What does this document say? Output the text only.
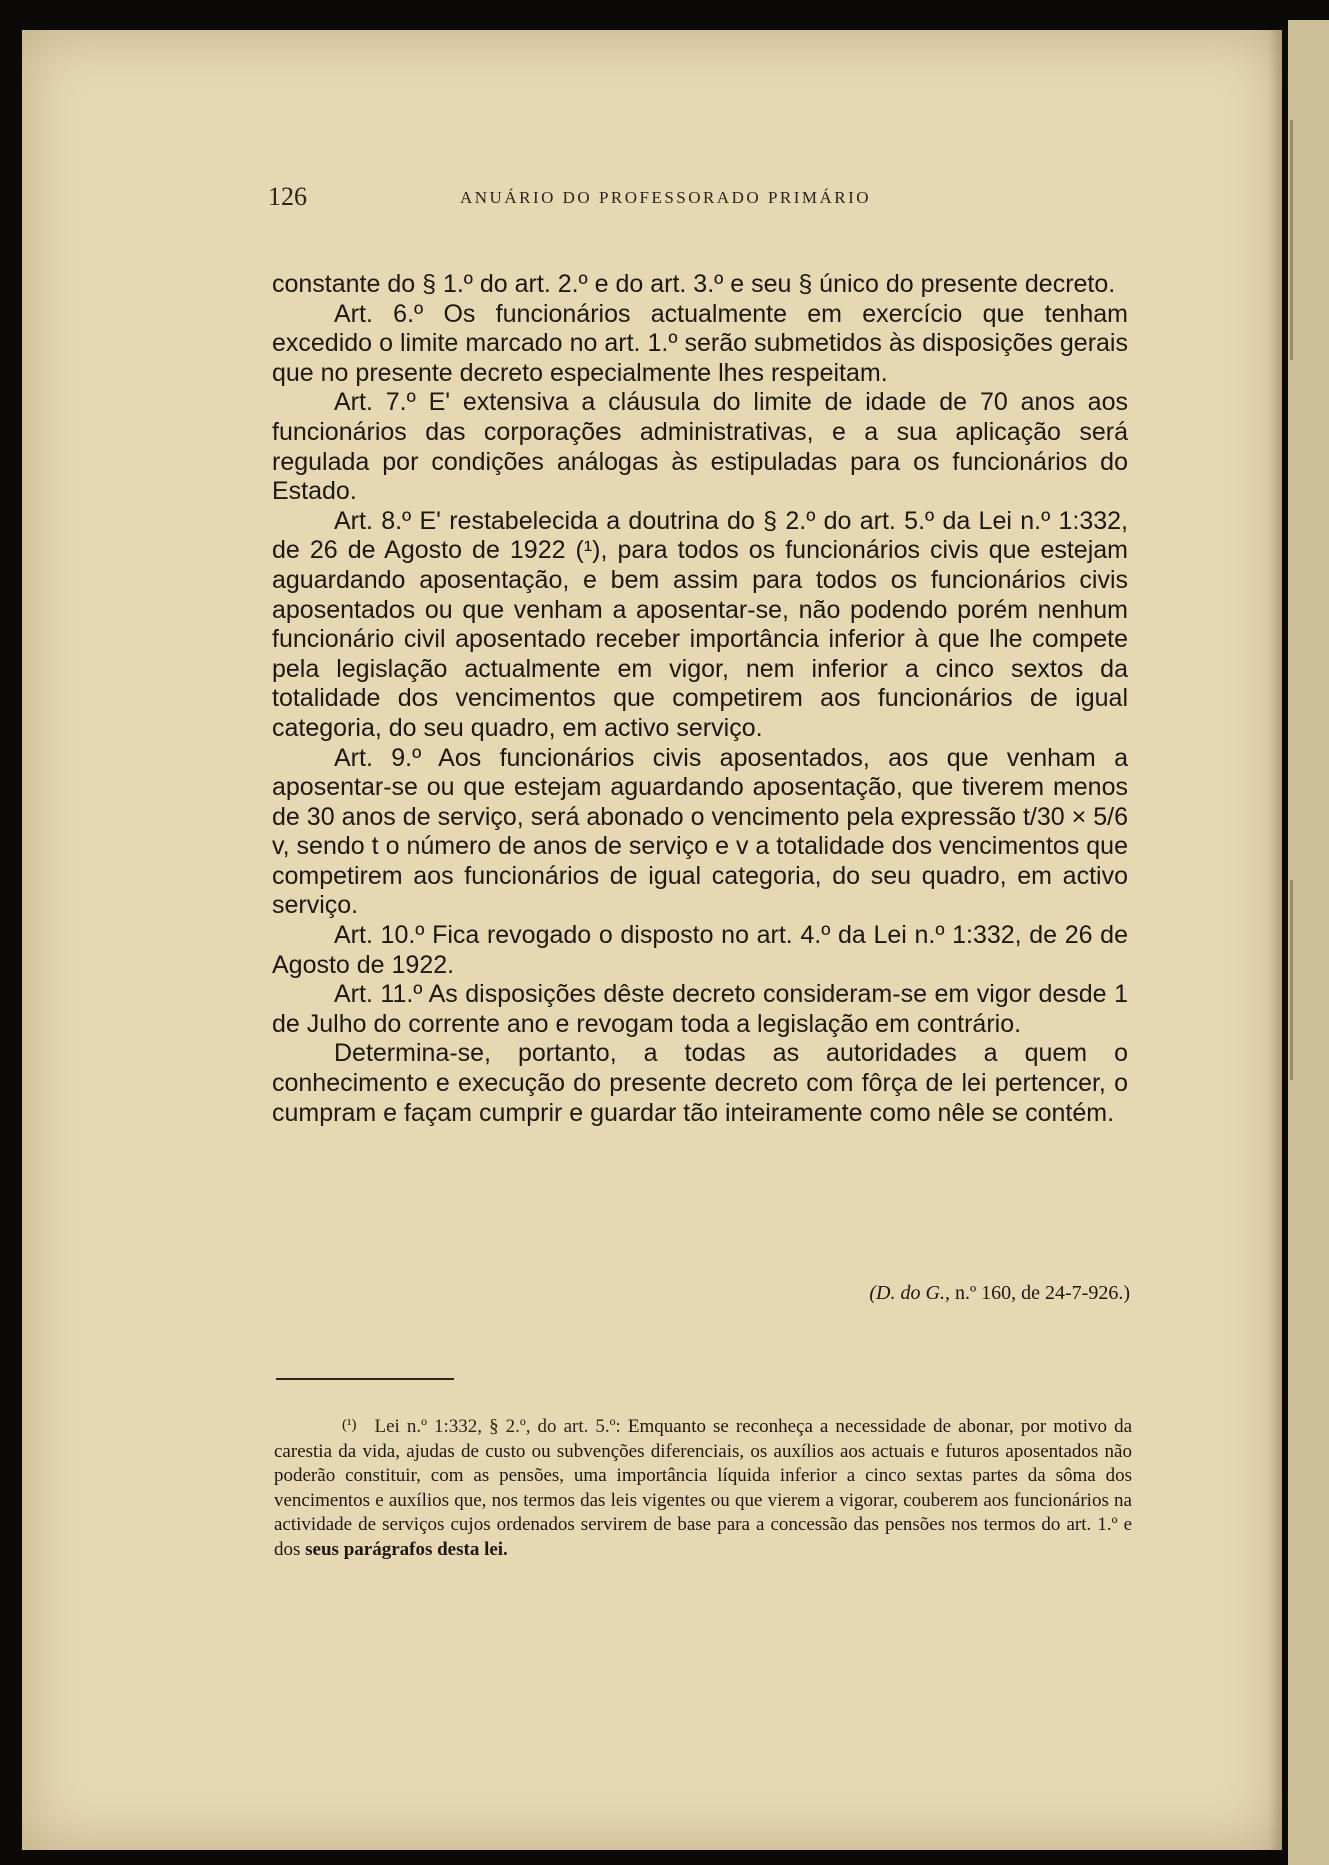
126	ANUÁRIO DO PROFESSORADO PRIMÁRIO

constante do § 1.º do art. 2.º e do art. 3.º e seu § único do presente decreto.

Art. 6.º Os funcionários actualmente em exercício que tenham excedido o limite marcado no art. 1.º serão submetidos às disposições gerais que no presente decreto especialmente lhes respeitam.

Art. 7.º E' extensiva a cláusula do limite de idade de 70 anos aos funcionários das corporações administrativas, e a sua aplicação será regulada por condições análogas às estipuladas para os funcionários do Estado.

Art. 8.º E' restabelecida a doutrina do § 2.º do art. 5.º da Lei n.º 1:332, de 26 de Agosto de 1922 (¹), para todos os funcionários civis que estejam aguardando aposentação, e bem assim para todos os funcionários civis aposentados ou que venham a aposentar-se, não podendo porém nenhum funcionário civil aposentado receber importância inferior à que lhe compete pela legislação actualmente em vigor, nem inferior a cinco sextos da totalidade dos vencimentos que competirem aos funcionários de igual categoria, do seu quadro, em activo serviço.

Art. 9.º Aos funcionários civis aposentados, aos que venham a aposentar-se ou que estejam aguardando aposentação, que tiverem menos de 30 anos de serviço, será abonado o vencimento pela expressão t/30 × 5/6 v, sendo t o número de anos de serviço e v a totalidade dos vencimentos que competirem aos funcionários de igual categoria, do seu quadro, em activo serviço.

Art. 10.º Fica revogado o disposto no art. 4.º da Lei n.º 1:332, de 26 de Agosto de 1922.

Art. 11.º As disposições dêste decreto consideram-se em vigor desde 1 de Julho do corrente ano e revogam toda a legislação em contrário.

Determina-se, portanto, a todas as autoridades a quem o conhecimento e execução do presente decreto com fôrça de lei pertencer, o cumpram e façam cumprir e guardar tão inteiramente como nêle se contém.

(D. do G., n.º 160, de 24-7-926.)
(¹) Lei n.º 1:332, § 2.º, do art. 5.º: Emquanto se reconheça a necessidade de abonar, por motivo da carestia da vida, ajudas de custo ou subvenções diferenciais, os auxílios aos actuais e futuros aposentados não poderão constituir, com as pensões, uma importância líquida inferior a cinco sextas partes da sôma dos vencimentos e auxílios que, nos termos das leis vigentes ou que vierem a vigorar, couberem aos funcionários na actividade de serviços cujos ordenados servirem de base para a concessão das pensões nos termos do art. 1.º e dos seus parágrafos desta lei.
